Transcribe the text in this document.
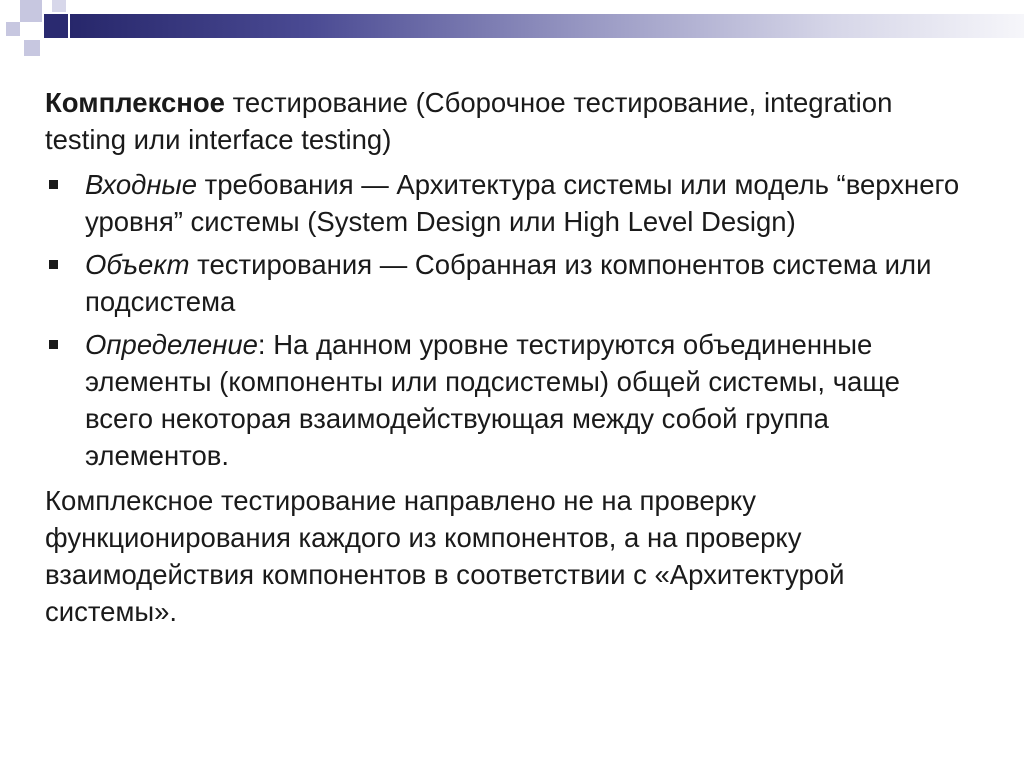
Комплексное тестирование (Сборочное тестирование, integration testing или interface testing)

Входные требования — Архитектура системы или модель “верхнего уровня” системы (System Design или High Level Design)
Объект тестирования — Собранная из компонентов система или подсистема
Определение: На данном уровне тестируются объединенные элементы (компоненты или подсистемы) общей системы, чаще всего некоторая взаимодействующая между собой группа элементов.

Комплексное тестирование направлено не на проверку функционирования каждого из компонентов, а на проверку взаимодействия компонентов в соответствии с «Архитектурой системы».
